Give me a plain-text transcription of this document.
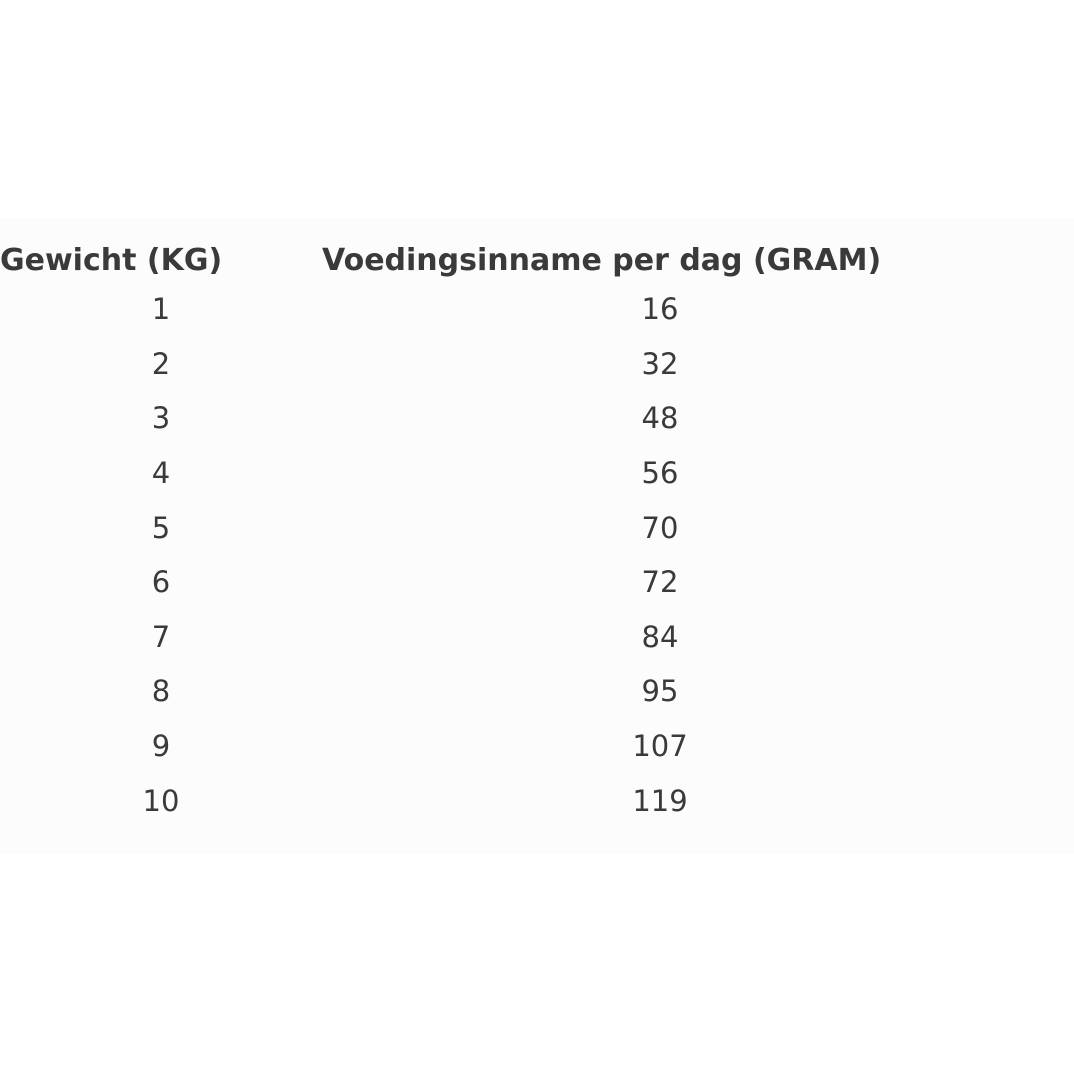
Gewicht (KG)	Voedingsinname per dag (GRAM)
1	16
2	32
3	48
4	56
5	70
6	72
7	84
8	95
9	107
10	119
